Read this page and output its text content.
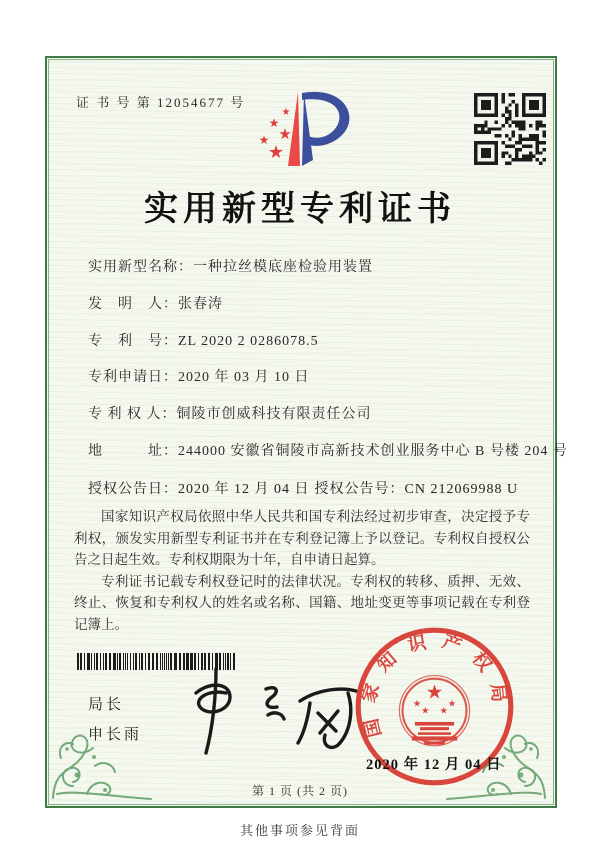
证 书 号 第 12054677 号
★
★
★
★
★
实用新型专利证书
实用新型名称：一种拉丝模底座检验用装置
发　明　人：张春涛
专　利　号：ZL 2020 2 0286078.5
专利申请日：2020 年 03 月 10 日
专 利 权 人：铜陵市创威科技有限责任公司
地　　　址：244000 安徽省铜陵市高新技术创业服务中心 B 号楼 204 号
授权公告日：2020 年 12 月 04 日 授权公告号：CN 212069988 U

国家知识产权局依照中华人民共和国专利法经过初步审查，决定授予专利权，颁发实用新型专利证书并在专利登记簿上予以登记。专利权自授权公告之日起生效。专利权期限为十年，自申请日起算。

专利证书记载专利权登记时的法律状况。专利权的转移、质押、无效、终止、恢复和专利权人的姓名或名称、国籍、地址变更等事项记载在专利登记簿上。

局长
申长雨	国家知识产权局
★
★
★ ★
★
2020 年 12 月 04 日
第 1 页 (共 2 页)
其他事项参见背面
